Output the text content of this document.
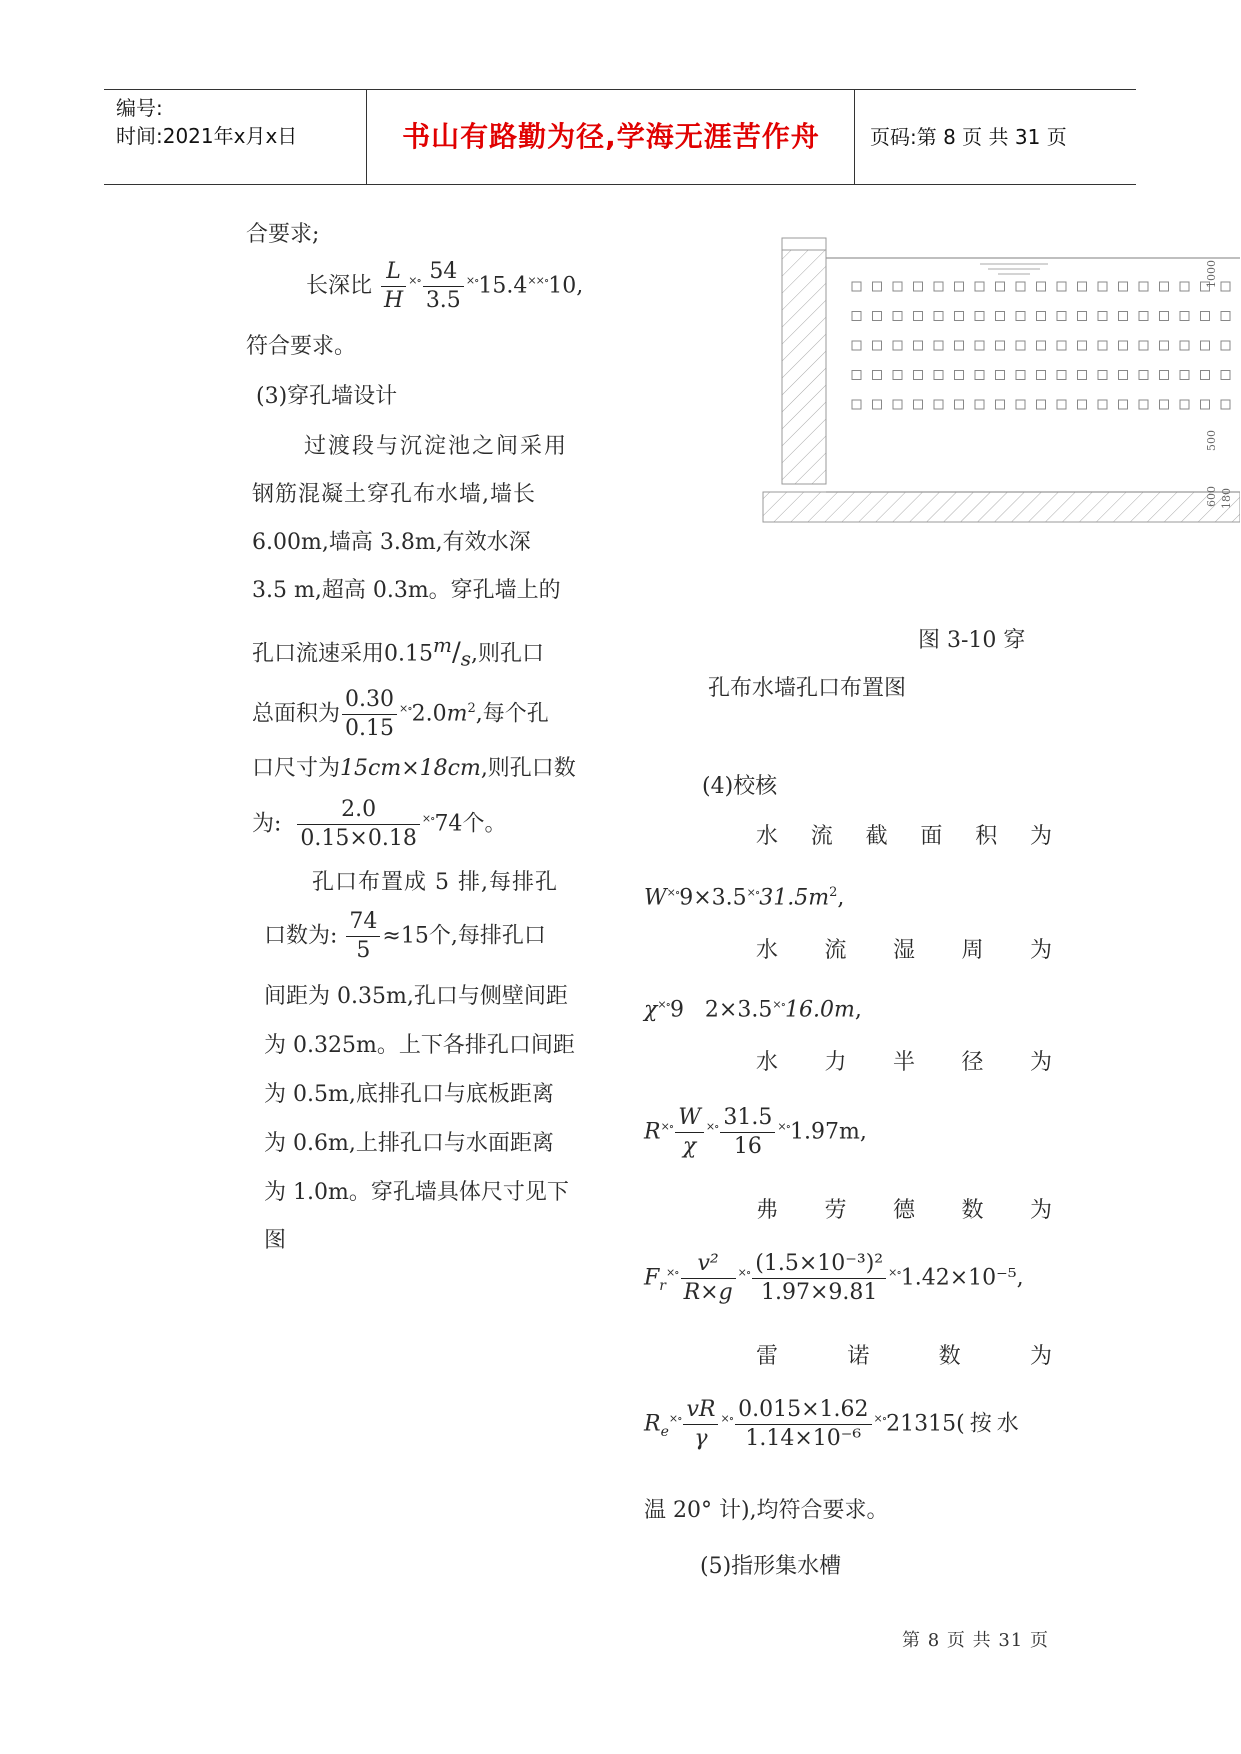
编号:
时间:2021年x月x日	书山有路勤为径,学海无涯苦作舟	页码:第 8 页 共 31 页
合要求;
长深比 $\frac{L}{H} ^{\times\circ} \frac{54}{3.5} ^{\times\circ}15.4^{\times\times\circ}10$,
符合要求。
(3)穿孔墙设计
过渡段与沉淀池之间采用
钢筋混凝土穿孔布水墙,墙长
6.00m,墙高 3.8m,有效水深
3.5 m,超高 0.3m。穿孔墙上的
孔口流速采用$0.15^m/_s$,则孔口
总面积为 $\frac{0.30}{0.15} ^{\times\circ}2.0m^2$,每个孔
口尺寸为15cm×18cm,则孔口数
为: $\frac{2.0}{0.15\times 0.18} ^{\times\circ}74$个。
孔口布置成 5 排,每排孔
口数为: $\frac{74}{5} \approx 15$个,每排孔口
间距为 0.35m,孔口与侧壁间距
为 0.325m。上下各排孔口间距
为 0.5m,底排孔口与底板距离
为 0.6m,上排孔口与水面距离
为 1.0m。穿孔墙具体尺寸见下
图
1000
500
600 180
图 3-10 穿
孔布水墙孔口布置图
(4)校核
水 流 截 面 积 为
$W^{\times\circ}9\times 3.5^{\times\circ}31.5m^2$,
水 流 湿 周 为
χ×∘9   2×3.5×∘16.0m,
水 力 半 径 为
$R^{\times\circ} \frac{W}{\chi} ^{\times\circ} \frac{31.5}{16} ^{\times\circ}1.97m$,
弗 劳 德 数 为
$F_r^{\times\circ} \frac{\text{v²}}{R\times g} ^{\times\circ} \frac{\text{(1.5×10⁻³)²}}{1.97\times 9.81} ^{\times\circ}1.42\times 10^{-5}$,
雷	诺	数	为
$R_e^{\times\circ} \frac{vR}{\gamma} ^{\times\circ} \frac{0.015\times 1.62}{\text{1.14×10⁻⁶}} ^{\times\circ}21315$(按水
温 20° 计),均符合要求。
(5)指形集水槽
第 8 页 共 31 页
